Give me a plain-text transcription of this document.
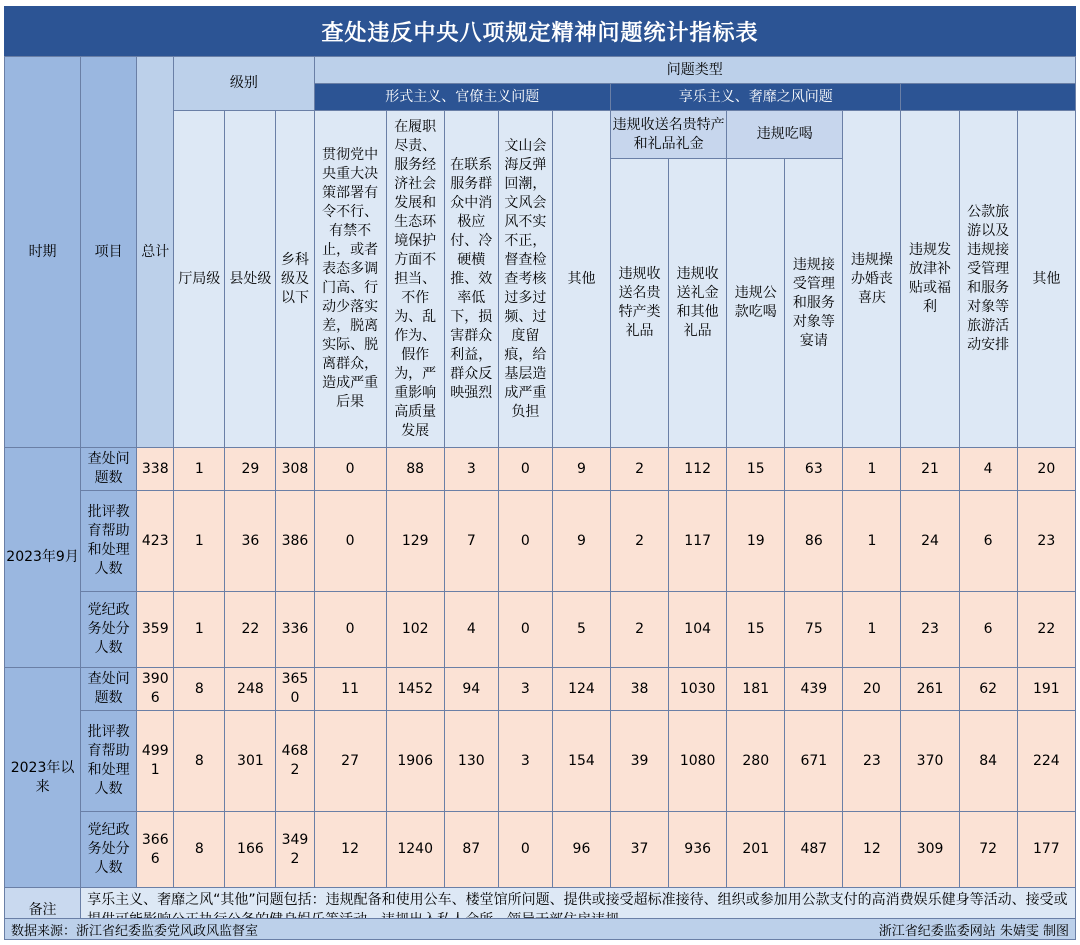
查处违反中央八项规定精神问题统计指标表
时期	项目	总计	级别			问题类型												
						形式主义、官僚主义问题					享乐主义、奢靡之风问题							
			厅局级	县处级	乡科级及以下	贯彻党中央重大决策部署有令不行、有禁不止，或者表态多调门高、行动少落实差，脱离实际、脱离群众，造成严重后果	在履职尽责、服务经济社会发展和生态环境保护方面不担当、不作为、乱作为、假作为，严重影响高质量发展	在联系服务群众中消极应付、冷硬横推、效率低下，损害群众利益，群众反映强烈	文山会海反弹回潮，文风会风不实不正，督查检查考核过多过频、过度留痕，给基层造成严重负担	其他	违规收送名贵特产和礼品礼金		违规吃喝		违规操办婚丧喜庆	违规发放津补贴或福利	公款旅游以及违规接受管理和服务对象等旅游活动安排	其他
											违规收送名贵特产类礼品	违规收送礼金和其他礼品	违规公款吃喝	违规接受管理和服务对象等宴请				
2023年9月	查处问题数	338	1	29	308	0	88	3	0	9	2	112	15	63	1	21	4	20
	批评教育帮助和处理人数	423	1	36	386	0	129	7	0	9	2	117	19	86	1	24	6	23
	党纪政务处分人数	359	1	22	336	0	102	4	0	5	2	104	15	75	1	23	6	22
2023年以来	查处问题数	3906	8	248	3650	11	1452	94	3	124	38	1030	181	439	20	261	62	191
	批评教育帮助和处理人数	4991	8	301	4682	27	1906	130	3	154	39	1080	280	671	23	370	84	224
	党纪政务处分人数	3666	8	166	3492	12	1240	87	0	96	37	936	201	487	12	309	72	177
备注	享乐主义、奢靡之风“其他”问题包括：违规配备和使用公车、楼堂馆所问题、提供或接受超标准接待、组织或参加用公款支付的高消费娱乐健身等活动、接受或																	
数据来源：浙江省纪委监委党风政风监督室	浙江省纪委监委网站 朱婧雯 制图
